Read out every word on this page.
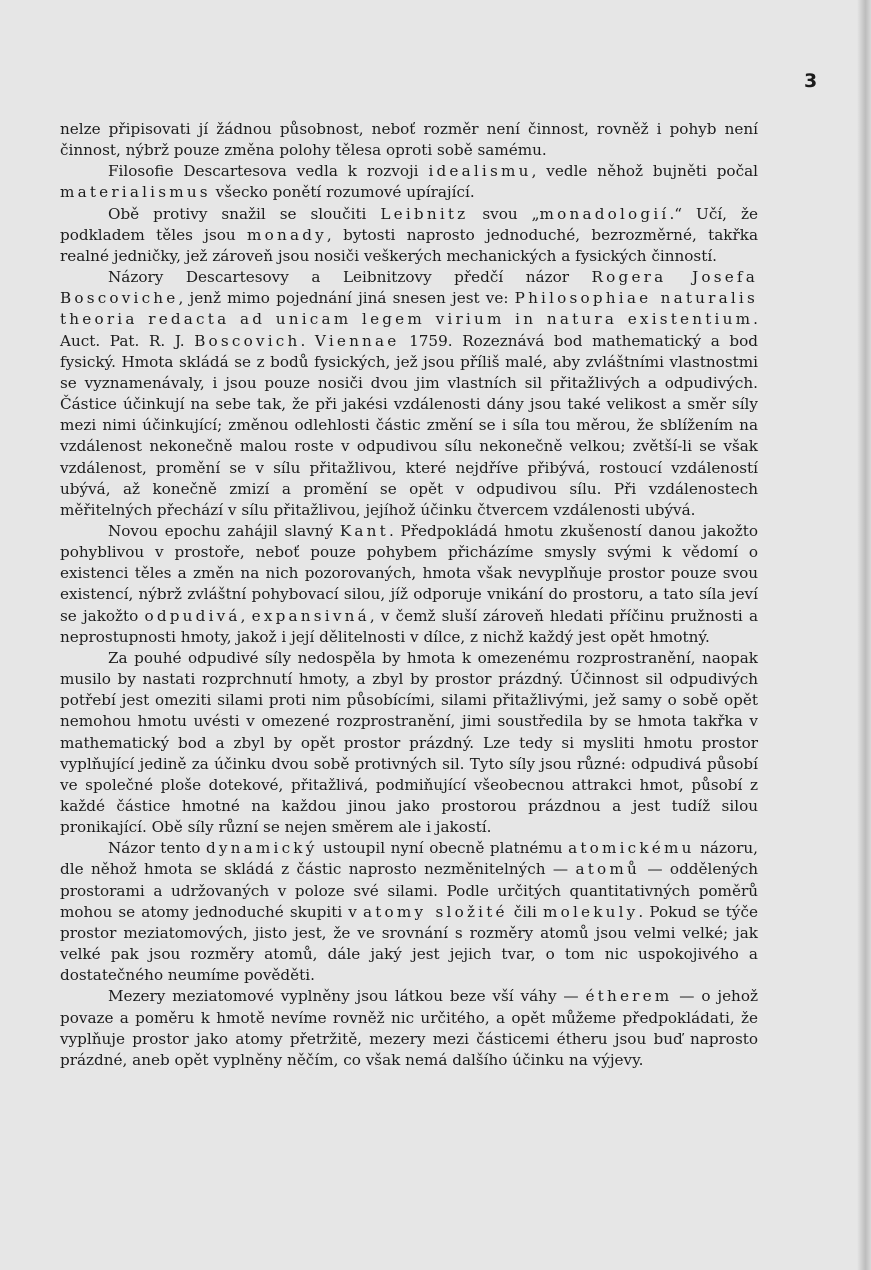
3

nelze připisovati jí žádnou působnost, neboť rozměr není činnost, rovněž i pohyb není činnost, nýbrž pouze změna polohy tělesa oproti sobě samému.

Filosofie Descartesova vedla k rozvoji idealismu, vedle něhož bujněti počal materialismus všecko ponětí rozumové upírající.

Obě protivy snažil se sloučiti Leibnitz svou „monadologií.“ Učí, že podkladem těles jsou monady, bytosti naprosto jednoduché, bezrozměrné, takřka realné jedničky, jež zároveň jsou nosiči veškerých mechanických a fysických činností.

Názory Descartesovy a Leibnitzovy předčí názor Rogera Josefa Boscoviche, jenž mimo pojednání jiná snesen jest ve: Philosophiae naturalis theoria redacta ad unicam legem virium in natura existentium. Auct. Pat. R. J. Boscovich. Viennae 1759. Rozeznává bod mathematický a bod fysický. Hmota skládá se z bodů fysických, jež jsou příliš malé, aby zvláštními vlastnostmi se vyznamenávaly, i jsou pouze nosiči dvou jim vlastních sil přitažlivých a odpudivých. Částice účinkují na sebe tak, že při jakési vzdálenosti dány jsou také velikost a směr síly mezi nimi účinkující; změnou odlehlosti částic změní se i síla tou měrou, že sblížením na vzdálenost nekonečně malou roste v odpudivou sílu nekonečně velkou; zvětší-li se však vzdálenost, promění se v sílu přitažlivou, které nejdříve přibývá, rostoucí vzdáleností ubývá, až konečně zmizí a promění se opět v odpudivou sílu. Při vzdálenostech měřitelných přechází v sílu přitažlivou, jejíhož účinku čtvercem vzdálenosti ubývá.

Novou epochu zahájil slavný Kant. Předpokládá hmotu zkušeností danou jakožto pohyblivou v prostoře, neboť pouze pohybem přicházíme smysly svými k vědomí o existenci těles a změn na nich pozorovaných, hmota však nevyplňuje prostor pouze svou existencí, nýbrž zvláštní pohybovací silou, jíž odporuje vnikání do prostoru, a tato síla jeví se jakožto odpudivá, expansivná, v čemž sluší zároveň hledati příčinu pružnosti a neprostupnosti hmoty, jakož i její dělitelnosti v dílce, z nichž každý jest opět hmotný.

Za pouhé odpudivé síly nedospěla by hmota k omezenému rozprostranění, naopak musilo by nastati rozprchnutí hmoty, a zbyl by prostor prázdný. Účinnost sil odpudivých potřebí jest omeziti silami proti nim působícími, silami přitažlivými, jež samy o sobě opět nemohou hmotu uvésti v omezené rozprostranění, jimi soustředila by se hmota takřka v mathematický bod a zbyl by opět prostor prázdný. Lze tedy si mysliti hmotu prostor vyplňující jedině za účinku dvou sobě protivných sil. Tyto síly jsou různé: odpudivá působí ve společné ploše dotekové, přitažlivá, podmiňující všeobecnou attrakci hmot, působí z každé částice hmotné na každou jinou jako prostorou prázdnou a jest tudíž silou pronikající. Obě síly různí se nejen směrem ale i jakostí.

Názor tento dynamický ustoupil nyní obecně platnému atomickému názoru, dle něhož hmota se skládá z částic naprosto nezměnitelných — atomů — oddělených prostorami a udržovaných v poloze své silami. Podle určitých quantitativných poměrů mohou se atomy jednoduché skupiti v atomy složité čili molekuly. Pokud se týče prostor meziatomových, jisto jest, že ve srovnání s rozměry atomů jsou velmi velké; jak velké pak jsou rozměry atomů, dále jaký jest jejich tvar, o tom nic uspokojivého a dostatečného neumíme pověděti.

Mezery meziatomové vyplněny jsou látkou beze vší váhy — étherem — o jehož povaze a poměru k hmotě nevíme rovněž nic určitého, a opět můžeme předpokládati, že vyplňuje prostor jako atomy přetržitě, mezery mezi částicemi étheru jsou buď naprosto prázdné, aneb opět vyplněny něčím, co však nemá dalšího účinku na výjevy.
